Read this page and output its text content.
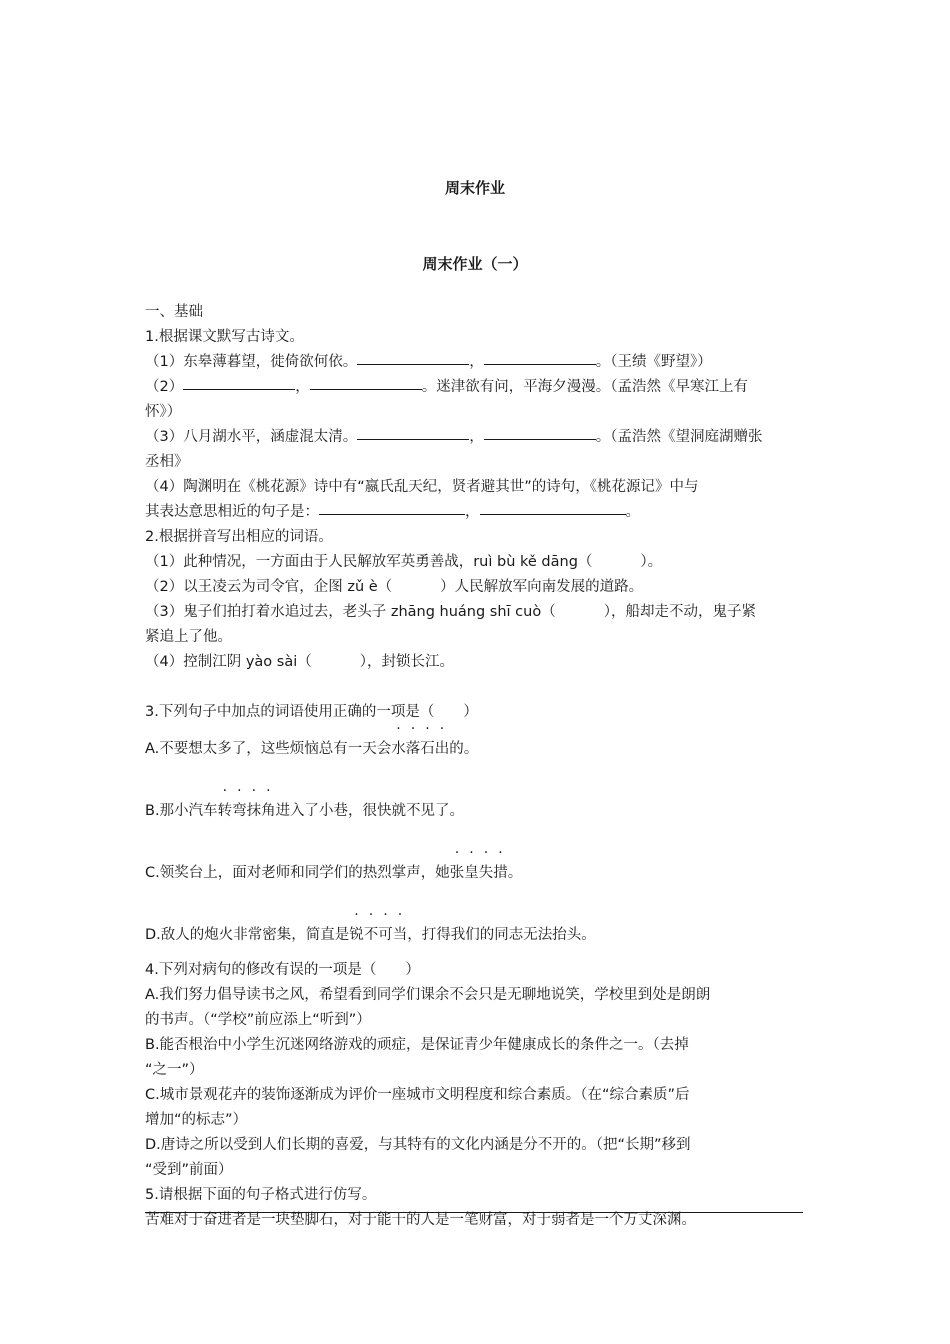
周末作业
周末作业（一）

一、基础

1.根据课文默写古诗文。

（1）东皋薄暮望，徙倚欲何依。	，	。（王绩《野望》）

（2）	，	。迷津欲有问，平海夕漫漫。（孟浩然《早寒江上有

怀》）

（3）八月湖水平，涵虚混太清。	，	。（孟浩然《望洞庭湖赠张

丞相》

（4）陶渊明在《桃花源》诗中有“嬴氏乱天纪，贤者避其世”的诗句，《桃花源记》中与

其表达意思相近的句子是：	，	。

2.根据拼音写出相应的词语。

（1）此种情况，一方面由于人民解放军英勇善战，ruì bù kě dāng（	）。

（2）以王凌云为司令官，企图 zǔ è（	）人民解放军向南发展的道路。

（3）鬼子们拍打着水追过去，老头子 zhāng huáng shī cuò（	），船却走不动，鬼子紧

紧追上了他。

（4）控制江阴 yào sài（	），封锁长江。

3.下列句子中加点的词语使用正确的一项是（　　）

A.不要想太多了，这些烦恼总有一天会水落石出的。

B.那小汽车转弯抹角进入了小巷，很快就不见了。

C.领奖台上，面对老师和同学们的热烈掌声，她张皇失措。

D.敌人的炮火非常密集，简直是锐不可当，打得我们的同志无法抬头。

4.下列对病句的修改有误的一项是（　　）

A.我们努力倡导读书之风，希望看到同学们课余不会只是无聊地说笑，学校里到处是朗朗

的书声。（“学校”前应添上“听到”）

B.能否根治中小学生沉迷网络游戏的顽症，是保证青少年健康成长的条件之一。（去掉

“之一”）

C.城市景观花卉的装饰逐渐成为评价一座城市文明程度和综合素质。（在“综合素质”后

增加“的标志”）

D.唐诗之所以受到人们长期的喜爱，与其特有的文化内涵是分不开的。（把“长期”移到

“受到”前面）

5.请根据下面的句子格式进行仿写。

苦难对于奋进者是一块垫脚石，对于能干的人是一笔财富，对于弱者是一个万丈深渊。
